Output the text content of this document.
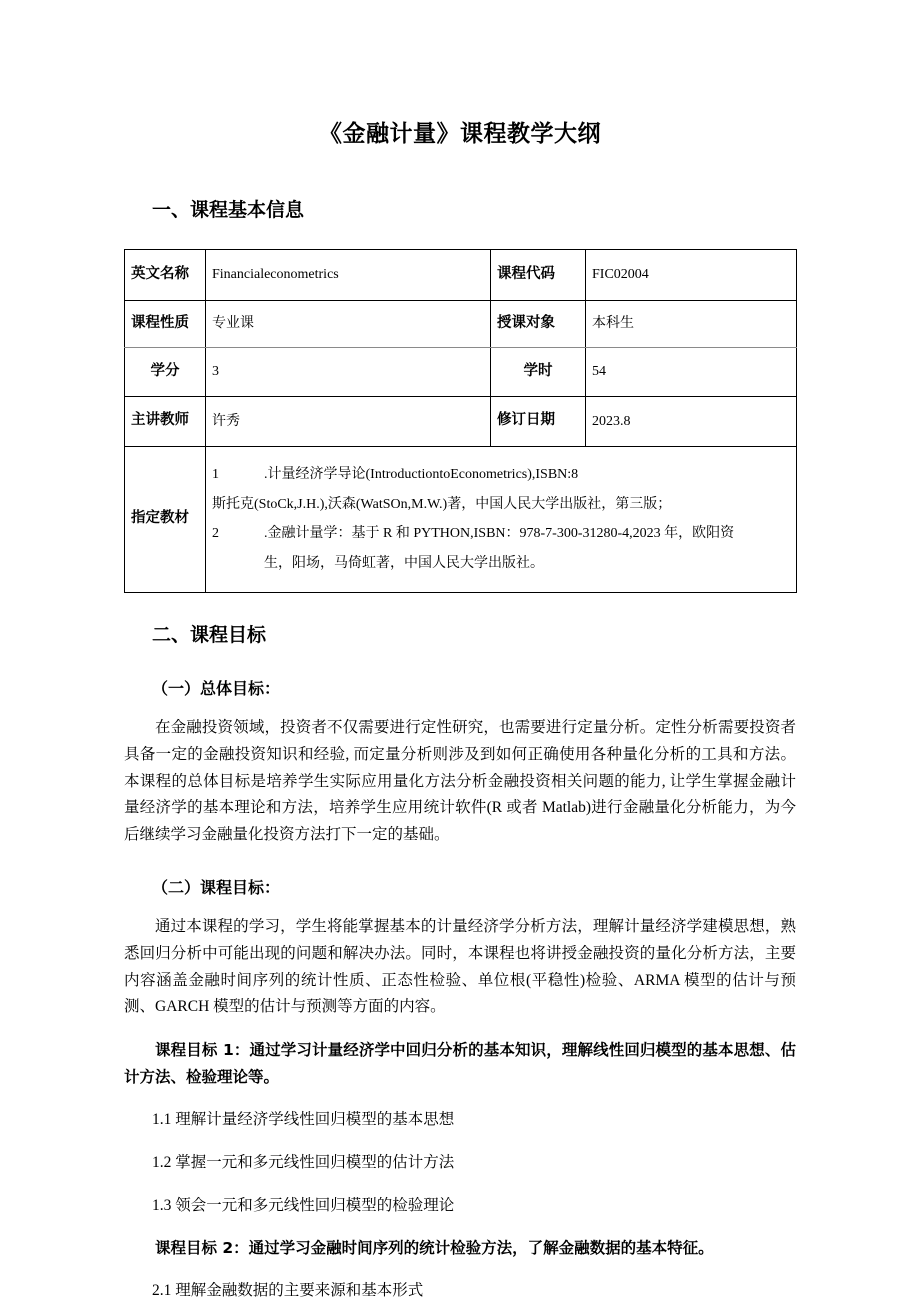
《金融计量》课程教学大纲
一、课程基本信息
英文名称	Financialeconometrics	课程代码	FIC02004
课程性质	专业课	授课对象	本科生
学分	3	学时	54
主讲教师	许秀	修订日期	2023.8
指定教材	1 .计量经济学导论(IntroductiontoEconometrics),ISBN:8
斯托克(StoCk,J.H.),沃森(WatSOn,M.W.)著，中国人民大学出版社，第三版；
2 .金融计量学：基于 R 和 PYTHON,ISBN：978-7-300-31280-4,2023 年，欧阳资
生，阳场，马倚虹著，中国人民大学出版社。		
二、课程目标
（一）总体目标：

在金融投资领域，投资者不仅需要进行定性研究，也需要进行定量分析。定性分析需要投资者具备一定的金融投资知识和经验, 而定量分析则涉及到如何正确使用各种量化分析的工具和方法。本课程的总体目标是培养学生实际应用量化方法分析金融投资相关问题的能力, 让学生掌握金融计量经济学的基本理论和方法，培养学生应用统计软件(R 或者 Matlab)进行金融量化分析能力，为今后继续学习金融量化投资方法打下一定的基础。

（二）课程目标：

通过本课程的学习，学生将能掌握基本的计量经济学分析方法，理解计量经济学建模思想，熟悉回归分析中可能出现的问题和解决办法。同时，本课程也将讲授金融投资的量化分析方法，主要内容涵盖金融时间序列的统计性质、正态性检验、单位根(平稳性)检验、ARMA 模型的估计与预测、GARCH 模型的估计与预测等方面的内容。

课程目标 1：通过学习计量经济学中回归分析的基本知识，理解线性回归模型的基本思想、估计方法、检验理论等。

1.1 理解计量经济学线性回归模型的基本思想

1.2 掌握一元和多元线性回归模型的估计方法

1.3 领会一元和多元线性回归模型的检验理论

课程目标 2：通过学习金融时间序列的统计检验方法，了解金融数据的基本特征。

2.1 理解金融数据的主要来源和基本形式
